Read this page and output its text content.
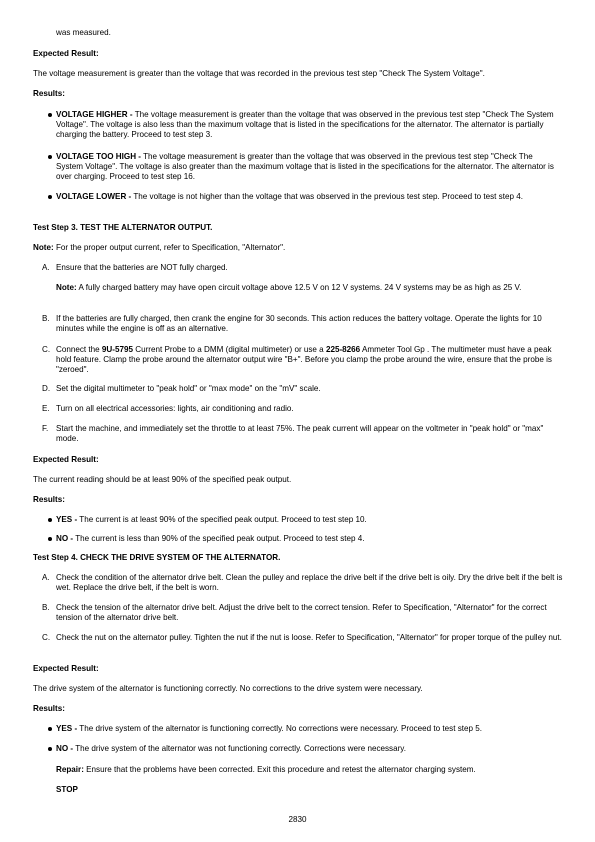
was measured.

Expected Result:

The voltage measurement is greater than the voltage that was recorded in the previous test step "Check The System Voltage".

Results:

VOLTAGE HIGHER - The voltage measurement is greater than the voltage that was observed in the previous test step "Check The System Voltage". The voltage is also less than the maximum voltage that is listed in the specifications for the alternator. The alternator is partially charging the battery. Proceed to test step 3.

VOLTAGE TOO HIGH - The voltage measurement is greater than the voltage that was observed in the previous test step "Check The System Voltage". The voltage is also greater than the maximum voltage that is listed in the specifications for the alternator. The alternator is over charging. Proceed to test step 16.

VOLTAGE LOWER - The voltage is not higher than the voltage that was observed in the previous test step. Proceed to test step 4.

Test Step 3. TEST THE ALTERNATOR OUTPUT.

Note: For the proper output current, refer to Specification, "Alternator".

A. Ensure that the batteries are NOT fully charged.

Note: A fully charged battery may have open circuit voltage above 12.5 V on 12 V systems. 24 V systems may be as high as 25 V.

B. If the batteries are fully charged, then crank the engine for 30 seconds. This action reduces the battery voltage. Operate the lights for 10 minutes while the engine is off as an alternative.

C. Connect the 9U-5795 Current Probe to a DMM (digital multimeter) or use a 225-8266 Ammeter Tool Gp . The multimeter must have a peak hold feature. Clamp the probe around the alternator output wire "B+". Before you clamp the probe around the wire, ensure that the probe is "zeroed".

D. Set the digital multimeter to "peak hold" or "max mode" on the "mV" scale.

E. Turn on all electrical accessories: lights, air conditioning and radio.

F. Start the machine, and immediately set the throttle to at least 75%. The peak current will appear on the voltmeter in "peak hold" or "max" mode.

Expected Result:

The current reading should be at least 90% of the specified peak output.

Results:

YES - The current is at least 90% of the specified peak output. Proceed to test step 10.

NO - The current is less than 90% of the specified peak output. Proceed to test step 4.

Test Step 4. CHECK THE DRIVE SYSTEM OF THE ALTERNATOR.

A. Check the condition of the alternator drive belt. Clean the pulley and replace the drive belt if the drive belt is oily. Dry the drive belt if the belt is wet. Replace the drive belt, if the belt is worn.

B. Check the tension of the alternator drive belt. Adjust the drive belt to the correct tension. Refer to Specification, "Alternator" for the correct tension of the alternator drive belt.

C. Check the nut on the alternator pulley. Tighten the nut if the nut is loose. Refer to Specification, "Alternator" for proper torque of the pulley nut.

Expected Result:

The drive system of the alternator is functioning correctly. No corrections to the drive system were necessary.

Results:

YES - The drive system of the alternator is functioning correctly. No corrections were necessary. Proceed to test step 5.

NO - The drive system of the alternator was not functioning correctly. Corrections were necessary.

Repair: Ensure that the problems have been corrected. Exit this procedure and retest the alternator charging system.

STOP

2830
